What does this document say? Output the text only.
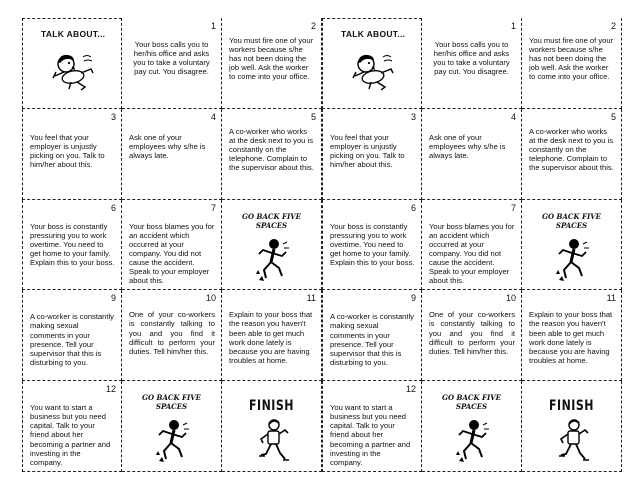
TALK ABOUT...
1
Your boss calls you to her/his office and asks you to take a voluntary pay cut. You disagree.
2
You must fire one of your workers because s/he has not been doing the job well. Ask the worker to come into your office.
3
You feel that your employer is unjustly picking on you. Talk to him/her about this.
4
Ask one of your employees why s/he is always late.
5
A co-worker who works at the desk next to you is constantly on the telephone. Complain to the supervisor about this.
6
Your boss is constantly pressuring you to work overtime. You need to get home to your family. Explain this to your boss.
7
Your boss blames you for an accident which occurred at your company. You did not cause the accident. Speak to your employer about this.
GO BACK FIVE SPACES
9
A co-worker is constantly making sexual comments in your presence. Tell your supervisor that this is disturbing to you.
10
One of your co-workers is constantly talking to you and you find it difficult to perform your duties. Tell him/her this.
11
Explain to your boss that the reason you haven't been able to get much work done lately is because you are having troubles at home.
12
You want to start a business but you need capital. Talk to your friend about her becoming a partner and investing in the company.
GO BACK FIVE SPACES	FINISH
TALK ABOUT...
1
Your boss calls you to her/his office and asks you to take a voluntary pay cut. You disagree.
2
You must fire one of your workers because s/he has not been doing the job well. Ask the worker to come into your office.
3
You feel that your employer is unjustly picking on you. Talk to him/her about this.
4
Ask one of your employees why s/he is always late.
5
A co-worker who works at the desk next to you is constantly on the telephone. Complain to the supervisor about this.
6
Your boss is constantly pressuring you to work overtime. You need to get home to your family. Explain this to your boss.
7
Your boss blames you for an accident which occurred at your company. You did not cause the accident. Speak to your employer about this.
GO BACK FIVE SPACES
9
A co-worker is constantly making sexual comments in your presence. Tell your supervisor that this is disturbing to you.
10
One of your co-workers is constantly talking to you and you find it difficult to perform your duties. Tell him/her this.
11
Explain to your boss that the reason you haven't been able to get much work done lately is because you are having troubles at home.
12
You want to start a business but you need capital. Talk to your friend about her becoming a partner and investing in the company.
GO BACK FIVE SPACES	FINISH
